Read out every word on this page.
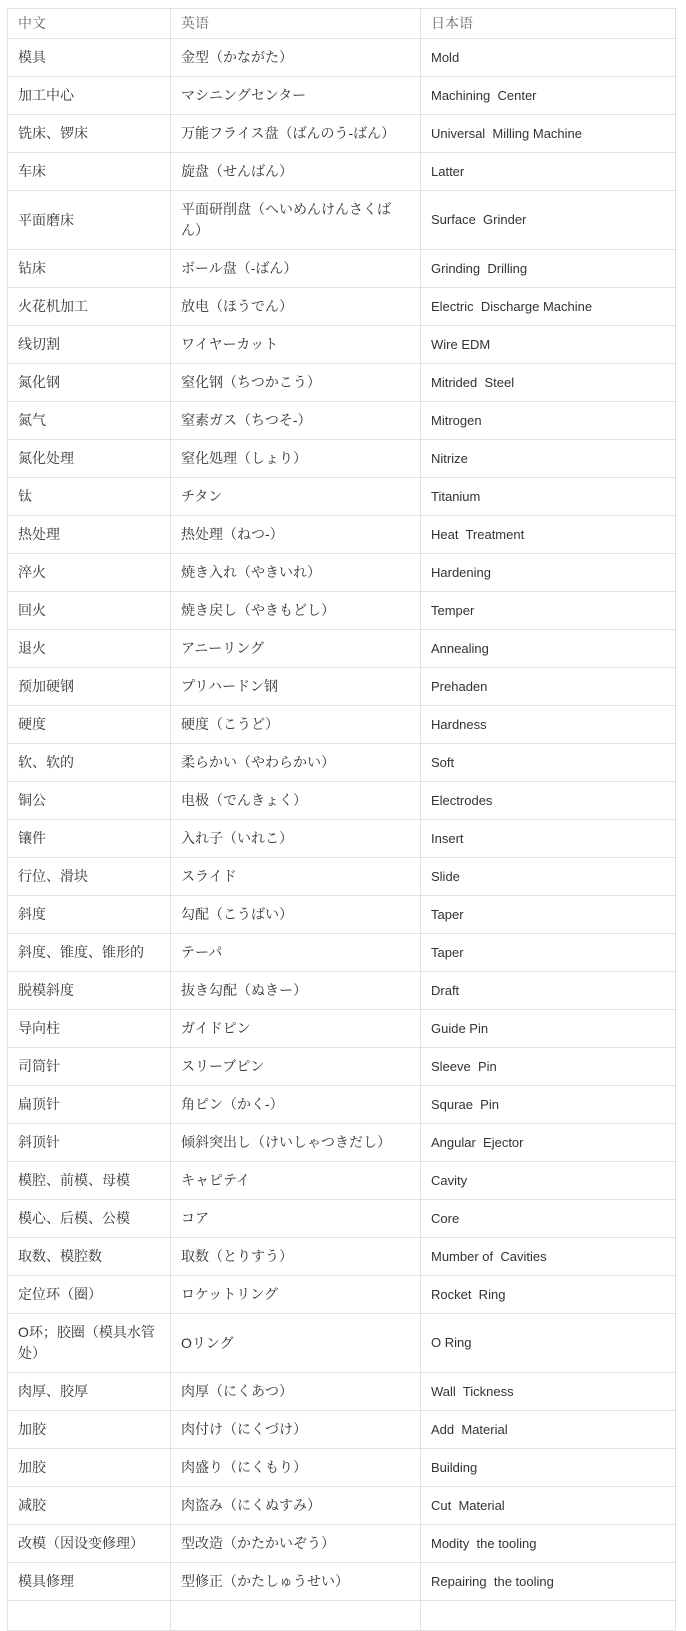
中文	英语	日本语
模具	金型（かながた）	Mold
加工中心	マシニングセンター	Machining  Center
铣床、锣床	万能フライス盘（ばんのう-ばん）	Universal  Milling Machine
车床	旋盘（せんばん）	Latter
平面磨床	平面研削盘（へいめんけんさくばん）	Surface  Grinder
钻床	ボール盘（-ばん）	Grinding  Drilling
火花机加工	放电（ほうでん）	Electric  Discharge Machine
线切割	ワイヤーカット	Wire EDM
氮化钢	窒化钢（ちつかこう）	Mitrided  Steel
氮气	窒素ガス（ちつそ-）	Mitrogen
氮化处理	窒化処理（しょり）	Nitrize
钛	チタン	Titanium
热处理	热处理（ねつ-）	Heat  Treatment
淬火	焼き入れ（やきいれ）	Hardening
回火	焼き戻し（やきもどし）	Temper
退火	アニーリング	Annealing
预加硬钢	プリハードン钢	Prehaden
硬度	硬度（こうど）	Hardness
软、软的	柔らかい（やわらかい）	Soft
铜公	电极（でんきょく）	Electrodes
镶件	入れ子（いれこ）	Insert
行位、滑块	スライド	Slide
斜度	勾配（こうばい）	Taper
斜度、锥度、锥形的	テーパ	Taper
脱模斜度	抜き勾配（ぬきー）	Draft
导向柱	ガイドピン	Guide Pin
司筒针	スリーブピン	Sleeve  Pin
扁顶针	角ピン（かく-）	Squrae  Pin
斜顶针	倾斜突出し（けいしゃつきだし）	Angular  Ejector
模腔、前模、母模	キャピテイ	Cavity
模心、后模、公模	コア	Core
取数、模腔数	取数（とりすう）	Mumber of  Cavities
定位环（圈）	ロケットリング	Rocket  Ring
O环；胶圈（模具水管处）	Oリング	O Ring
肉厚、胶厚	肉厚（にくあつ）	Wall  Tickness
加胶	肉付け（にくづけ）	Add  Material
加胶	肉盛り（にくもり）	Building
减胶	肉盗み（にくぬすみ）	Cut  Material
改模（因设变修理）	型改造（かたかいぞう）	Modity  the tooling
模具修理	型修正（かたしゅうせい）	Repairing  the tooling
